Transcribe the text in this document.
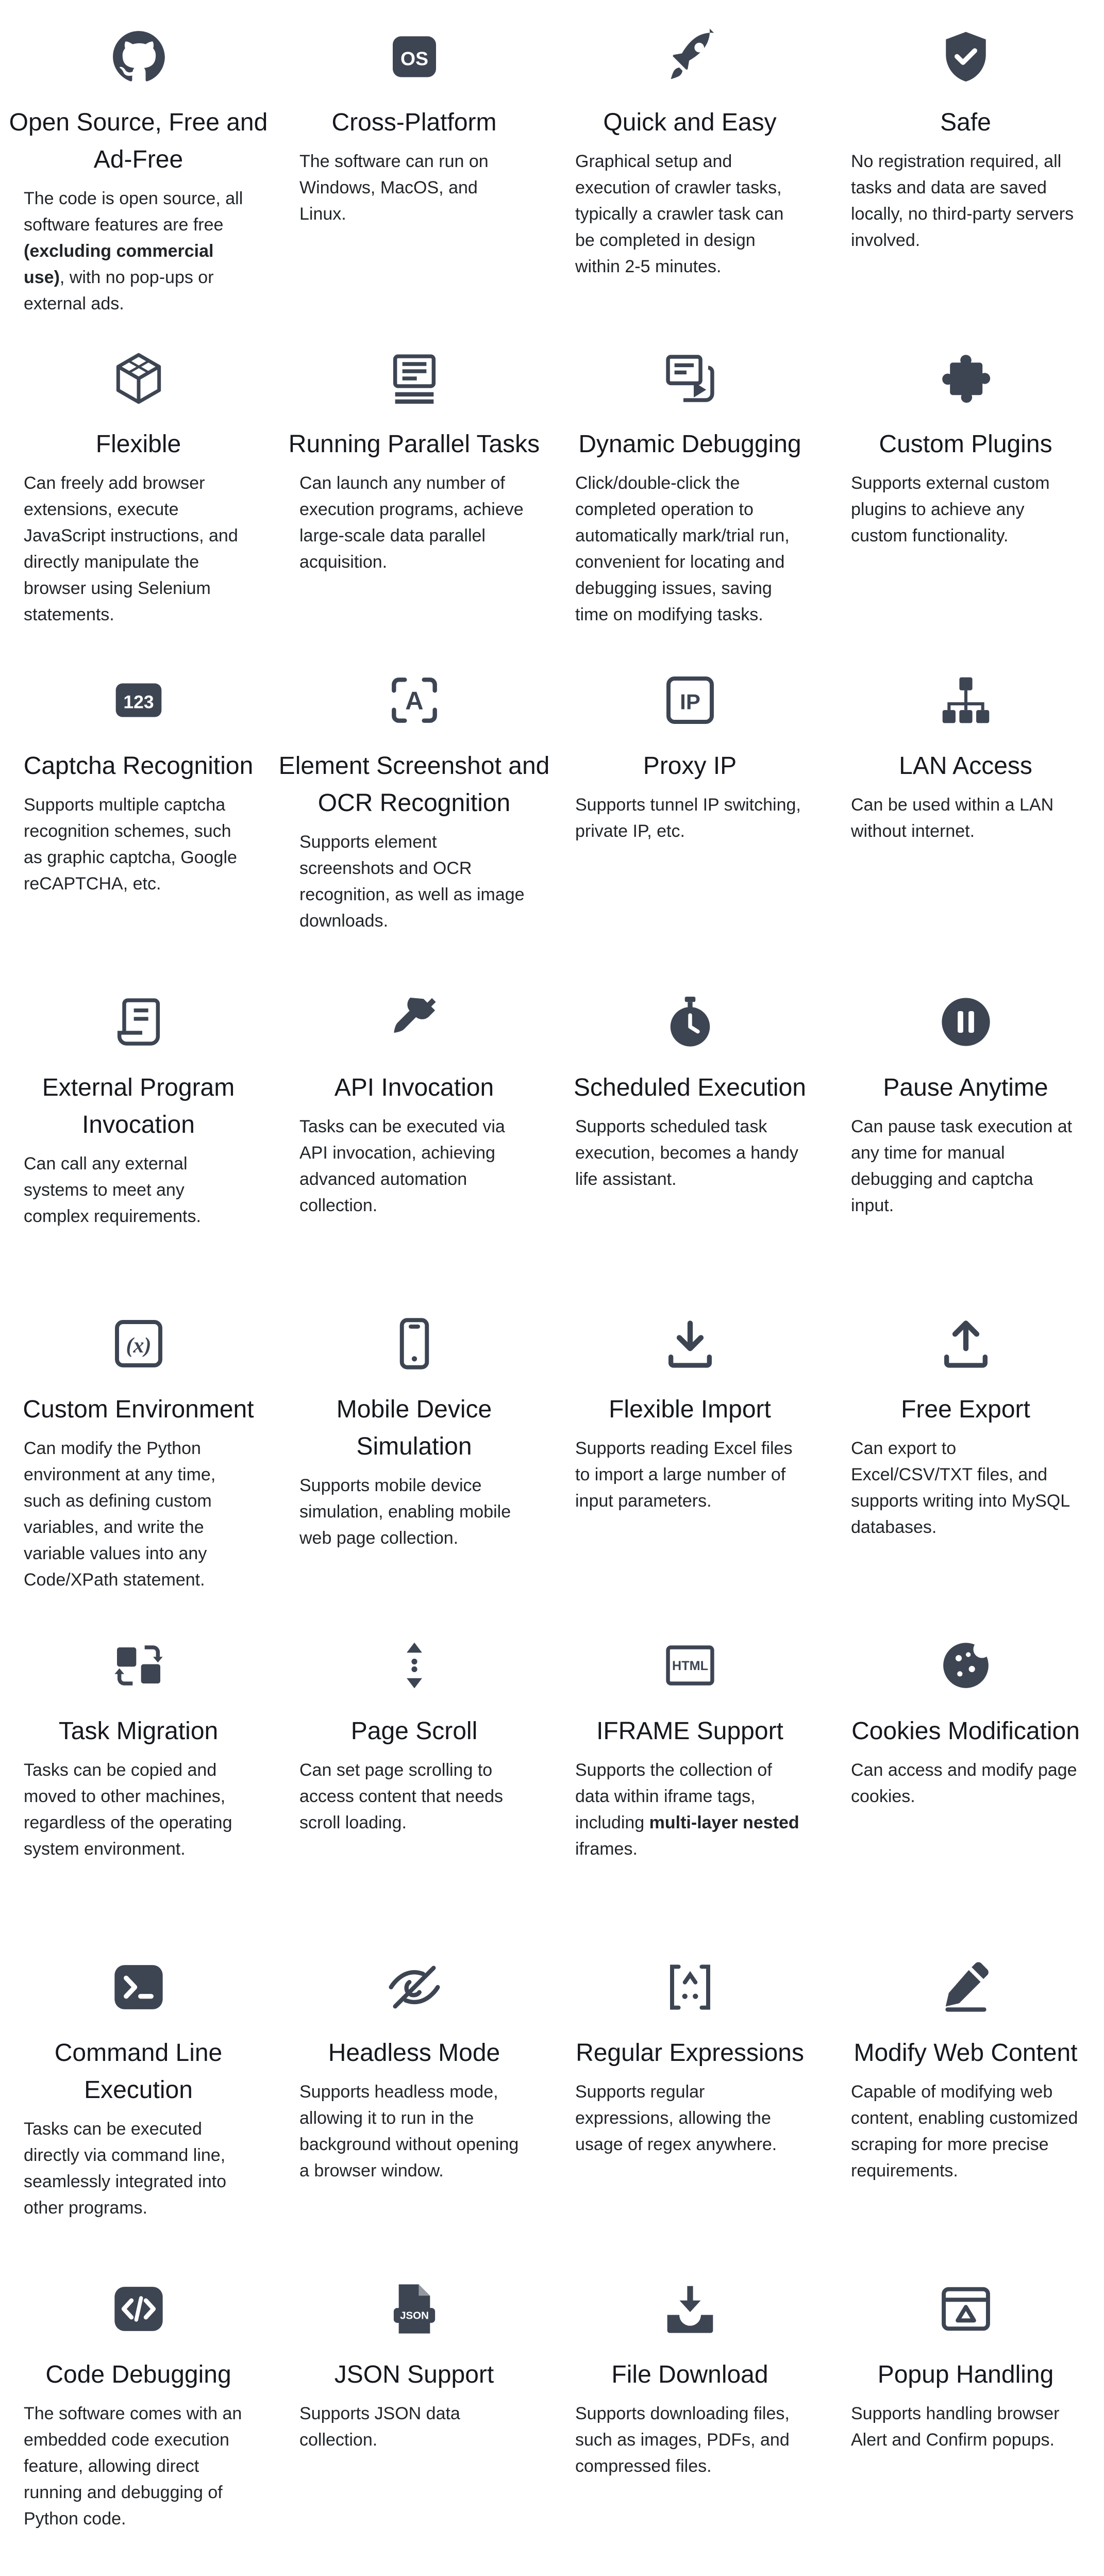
Open Source, Free and Ad-Free

The code is open source, all software features are free (excluding commercial use), with no pop-ups or external ads.

OS
Cross-Platform

The software can run on Windows, MacOS, and Linux.

Quick and Easy

Graphical setup and execution of crawler tasks, typically a crawler task can be completed in design within 2-5 minutes.

Safe

No registration required, all tasks and data are saved locally, no third-party servers involved.

Flexible

Can freely add browser extensions, execute JavaScript instructions, and directly manipulate the browser using Selenium statements.

Running Parallel Tasks

Can launch any number of execution programs, achieve large-scale data parallel acquisition.

Dynamic Debugging

Click/double-click the completed operation to automatically mark/trial run, convenient for locating and debugging issues, saving time on modifying tasks.

Custom Plugins

Supports external custom plugins to achieve any custom functionality.

123
Captcha Recognition

Supports multiple captcha recognition schemes, such as graphic captcha, Google reCAPTCHA, etc.

A
Element Screenshot and OCR Recognition

Supports element screenshots and OCR recognition, as well as image downloads.

IP
Proxy IP

Supports tunnel IP switching, private IP, etc.

LAN Access

Can be used within a LAN without internet.

External Program Invocation

Can call any external systems to meet any complex requirements.

API Invocation

Tasks can be executed via API invocation, achieving advanced automation collection.

Scheduled Execution

Supports scheduled task execution, becomes a handy life assistant.

Pause Anytime

Can pause task execution at any time for manual debugging and captcha input.

(x)
Custom Environment

Can modify the Python environment at any time, such as defining custom variables, and write the variable values into any Code/XPath statement.

Mobile Device Simulation

Supports mobile device simulation, enabling mobile web page collection.

Flexible Import

Supports reading Excel files to import a large number of input parameters.

Free Export

Can export to Excel/CSV/TXT files, and supports writing into MySQL databases.

Task Migration

Tasks can be copied and moved to other machines, regardless of the operating system environment.

Page Scroll

Can set page scrolling to access content that needs scroll loading.

HTML
IFRAME Support

Supports the collection of data within iframe tags, including multi-layer nested iframes.

Cookies Modification

Can access and modify page cookies.

Command Line Execution

Tasks can be executed directly via command line, seamlessly integrated into other programs.

Headless Mode

Supports headless mode, allowing it to run in the background without opening a browser window.

Regular Expressions

Supports regular expressions, allowing the usage of regex anywhere.

Modify Web Content

Capable of modifying web content, enabling customized scraping for more precise requirements.

Code Debugging

The software comes with an embedded code execution feature, allowing direct running and debugging of Python code.

JSON
JSON Support

Supports JSON data collection.

File Download

Supports downloading files, such as images, PDFs, and compressed files.

Popup Handling

Supports handling browser Alert and Confirm popups.
